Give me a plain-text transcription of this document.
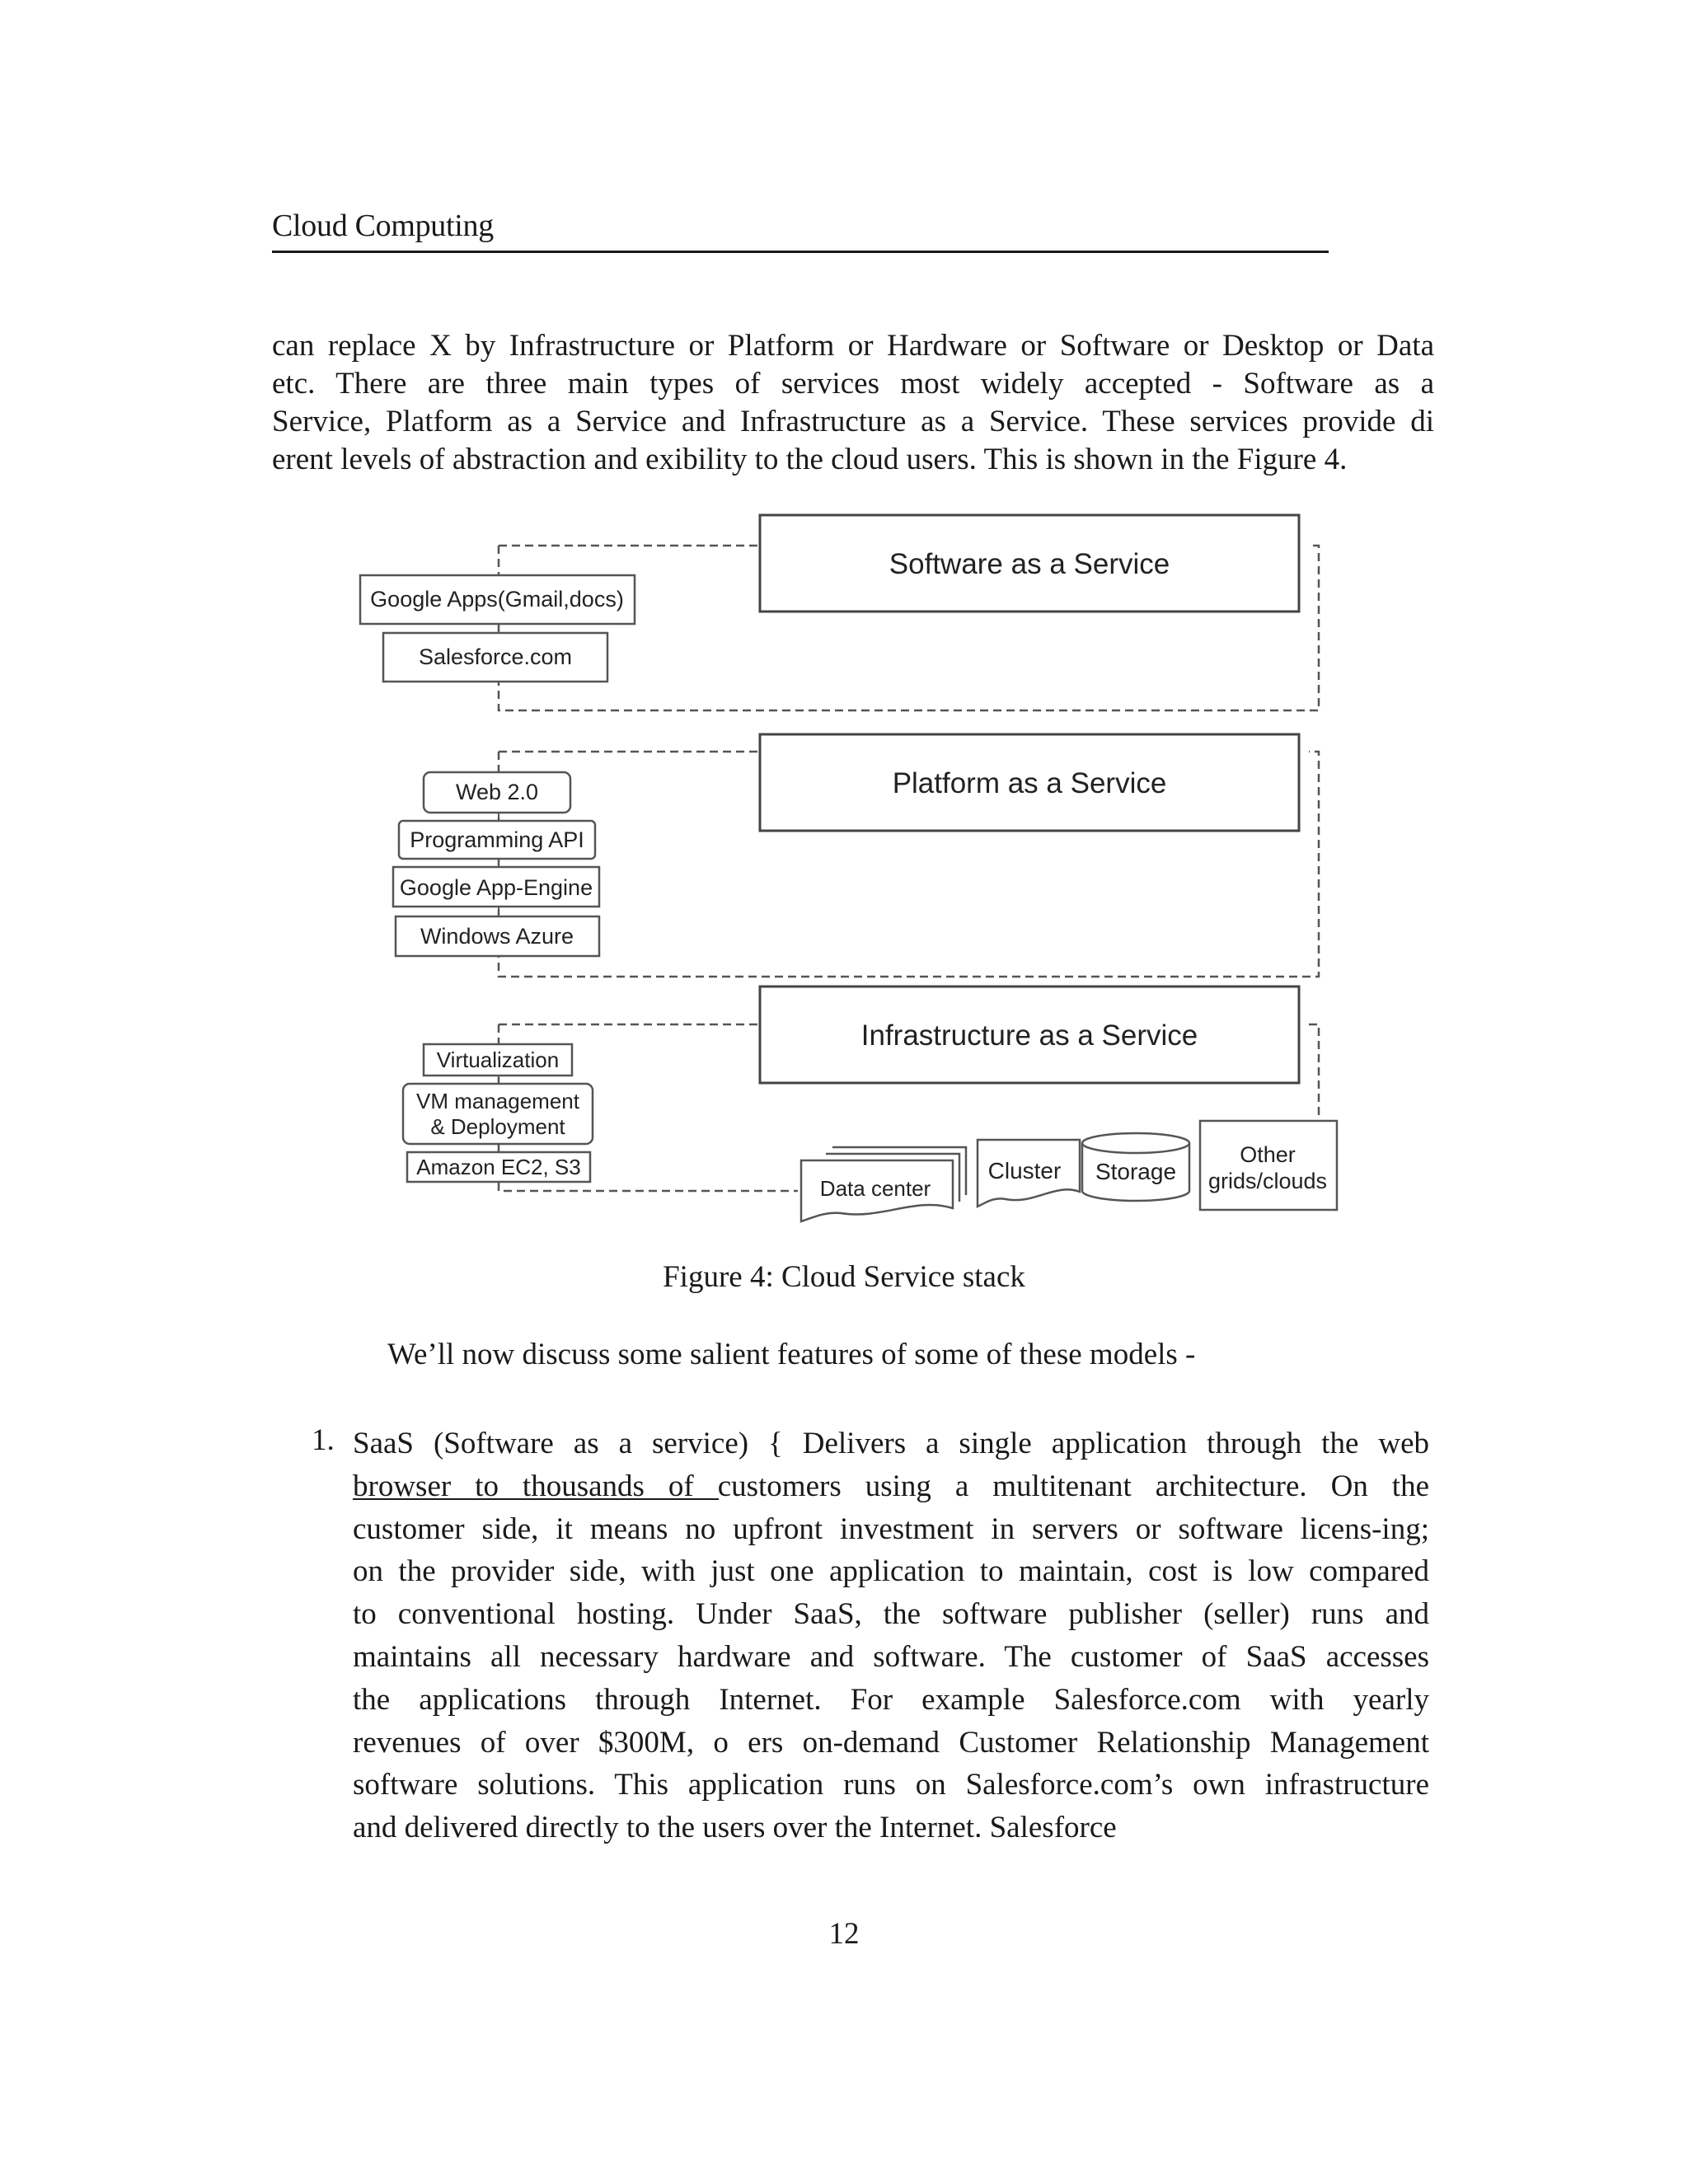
Cloud Computing
can replace X by Infrastructure or Platform or Hardware or Software or Desktop or Data
etc. There are three main types of services most widely accepted - Software as a
Service, Platform as a Service and Infrastructure as a Service. These services provide di
erent levels of abstraction and exibility to the cloud users. This is shown in the Figure 4.
Software as a Service
Platform as a Service
Infrastructure as a Service
Google Apps(Gmail,docs)
Salesforce.com
Web 2.0
Programming API
Google App-Engine
Windows Azure
Virtualization
VM management
& Deployment
Amazon EC2, S3
Data center
Cluster Storage
Other
grids/clouds
Figure 4: Cloud Service stack
We’ll now discuss some salient features of some of these models -
1. SaaS (Software as a service) { Delivers a single application through the web
browser to thousands of customers using a multitenant architecture. On the
customer side, it means no upfront investment in servers or software licens-ing;
on the provider side, with just one application to maintain, cost is low compared
to conventional hosting. Under SaaS, the software publisher (seller) runs and
maintains all necessary hardware and software. The customer of SaaS accesses
the applications through Internet. For example Salesforce.com with yearly
revenues of over $300M, o ers on-demand Customer Relationship Management
software solutions. This application runs on Salesforce.com’s own infrastructure
and delivered directly to the users over the Internet. Salesforce
12
